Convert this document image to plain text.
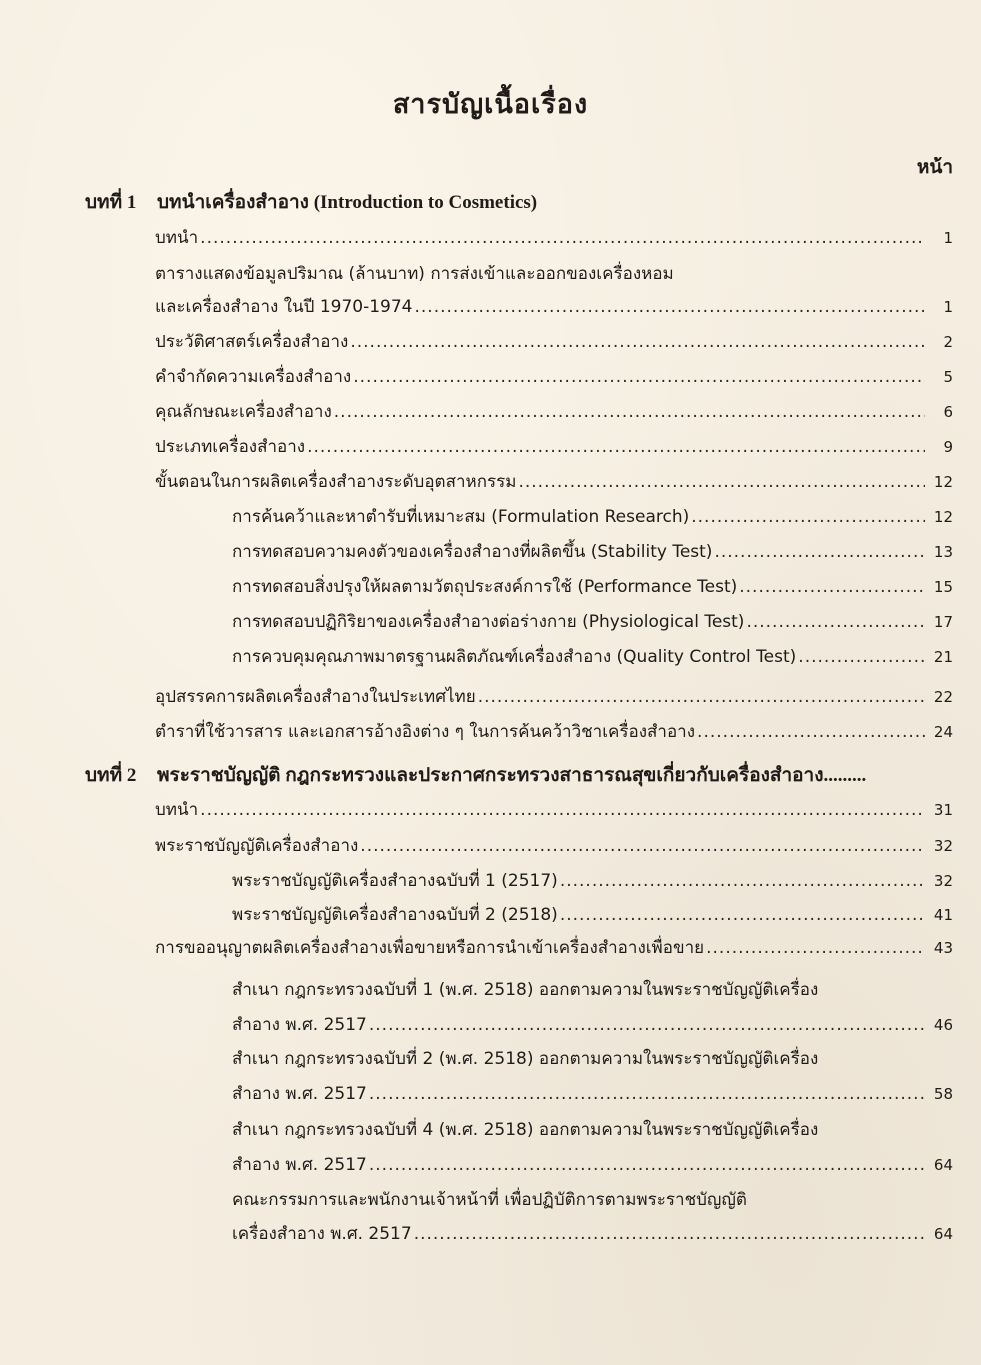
สารบัญเนื้อเรื่อง
หน้า
บทที่ 1 บทนำเครื่องสำอาง (Introduction to Cosmetics)
บทนำ .....	1
ตารางแสดงข้อมูลปริมาณ (ล้านบาท) การส่งเข้าและออกของเครื่องหอม
และเครื่องสำอาง ในปี 1970-1974 .....	1
ประวัติศาสตร์เครื่องสำอาง .....	2
คำจำกัดความเครื่องสำอาง .....	5
คุณลักษณะเครื่องสำอาง .....	6
ประเภทเครื่องสำอาง .....	9
ขั้นตอนในการผลิตเครื่องสำอางระดับอุตสาหกรรม .....	12
การค้นคว้าและหาตำรับที่เหมาะสม (Formulation Research) .....	12
การทดสอบความคงตัวของเครื่องสำอางที่ผลิตขึ้น (Stability Test) .....	13
การทดสอบสิ่งปรุงให้ผลตามวัตถุประสงค์การใช้ (Performance Test) .....	15
การทดสอบปฏิกิริยาของเครื่องสำอางต่อร่างกาย (Physiological Test) .....	17
การควบคุมคุณภาพมาตรฐานผลิตภัณฑ์เครื่องสำอาง (Quality Control Test) .....	21
อุปสรรคการผลิตเครื่องสำอางในประเทศไทย .....	22
ตำราที่ใช้วารสาร และเอกสารอ้างอิงต่าง ๆ ในการค้นคว้าวิชาเครื่องสำอาง .....	24
บทที่ 2 พระราชบัญญัติ กฎกระทรวงและประกาศกระทรวงสาธารณสุขเกี่ยวกับเครื่องสำอาง.........
บทนำ .....	31
พระราชบัญญัติเครื่องสำอาง .....	32
พระราชบัญญัติเครื่องสำอางฉบับที่ 1 (2517) .....	32
พระราชบัญญัติเครื่องสำอางฉบับที่ 2 (2518) .....	41
การขออนุญาตผลิตเครื่องสำอางเพื่อขายหรือการนำเข้าเครื่องสำอางเพื่อขาย .....	43
สำเนา กฎกระทรวงฉบับที่ 1 (พ.ศ. 2518) ออกตามความในพระราชบัญญัติเครื่อง
สำอาง พ.ศ. 2517 .....	46
สำเนา กฎกระทรวงฉบับที่ 2 (พ.ศ. 2518) ออกตามความในพระราชบัญญัติเครื่อง
สำอาง พ.ศ. 2517 .....	58
สำเนา กฎกระทรวงฉบับที่ 4 (พ.ศ. 2518) ออกตามความในพระราชบัญญัติเครื่อง
สำอาง พ.ศ. 2517 .....	64
คณะกรรมการและพนักงานเจ้าหน้าที่ เพื่อปฏิบัติการตามพระราชบัญญัติ
เครื่องสำอาง พ.ศ. 2517 .....	64
